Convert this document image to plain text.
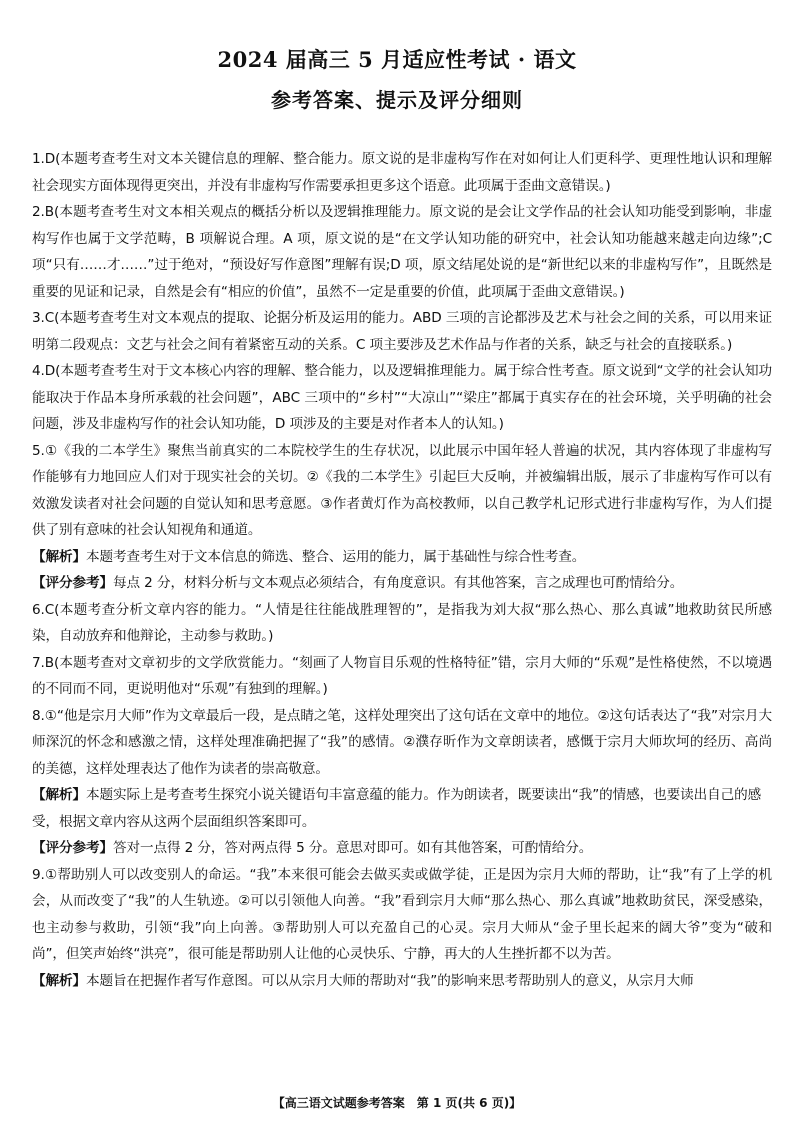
2024 届高三 5 月适应性考试 · 语文
参考答案、提示及评分细则

1.D(本题考查考生对文本关键信息的理解、整合能力。原文说的是非虚构写作在对如何让人们更科学、更理性地认识和理解社会现实方面体现得更突出，并没有非虚构写作需要承担更多这个语意。此项属于歪曲文意错误。)

2.B(本题考查考生对文本相关观点的概括分析以及逻辑推理能力。原文说的是会让文学作品的社会认知功能受到影响，非虚构写作也属于文学范畴，B 项解说合理。A 项，原文说的是“在文学认知功能的研究中，社会认知功能越来越走向边缘”;C 项“只有……才……”过于绝对，“预设好写作意图”理解有误;D 项，原文结尾处说的是“新世纪以来的非虚构写作”，且既然是重要的见证和记录，自然是会有“相应的价值”，虽然不一定是重要的价值，此项属于歪曲文意错误。)

3.C(本题考查考生对文本观点的提取、论据分析及运用的能力。ABD 三项的言论都涉及艺术与社会之间的关系，可以用来证明第二段观点：文艺与社会之间有着紧密互动的关系。C 项主要涉及艺术作品与作者的关系，缺乏与社会的直接联系。)

4.D(本题考查考生对于文本核心内容的理解、整合能力，以及逻辑推理能力。属于综合性考查。原文说到“文学的社会认知功能取决于作品本身所承载的社会问题”，ABC 三项中的“乡村”“大凉山”“梁庄”都属于真实存在的社会环境，关乎明确的社会问题，涉及非虚构写作的社会认知功能，D 项涉及的主要是对作者本人的认知。)

5.①《我的二本学生》聚焦当前真实的二本院校学生的生存状况，以此展示中国年轻人普遍的状况，其内容体现了非虚构写作能够有力地回应人们对于现实社会的关切。②《我的二本学生》引起巨大反响，并被编辑出版，展示了非虚构写作可以有效激发读者对社会问题的自觉认知和思考意愿。③作者黄灯作为高校教师，以自己教学札记形式进行非虚构写作，为人们提供了别有意味的社会认知视角和通道。

【解析】本题考查考生对于文本信息的筛选、整合、运用的能力，属于基础性与综合性考查。

【评分参考】每点 2 分，材料分析与文本观点必须结合，有角度意识。有其他答案，言之成理也可酌情给分。

6.C(本题考查分析文章内容的能力。“人情是往往能战胜理智的”，是指我为刘大叔“那么热心、那么真诚”地救助贫民所感染，自动放弃和他辩论，主动参与救助。)

7.B(本题考查对文章初步的文学欣赏能力。“刻画了人物盲目乐观的性格特征”错，宗月大师的“乐观”是性格使然，不以境遇的不同而不同，更说明他对“乐观”有独到的理解。)

8.①“他是宗月大师”作为文章最后一段，是点睛之笔，这样处理突出了这句话在文章中的地位。②这句话表达了“我”对宗月大师深沉的怀念和感激之情，这样处理准确把握了“我”的感情。②濮存昕作为文章朗读者，感慨于宗月大师坎坷的经历、高尚的美德，这样处理表达了他作为读者的崇高敬意。

【解析】本题实际上是考查考生探究小说关键语句丰富意蕴的能力。作为朗读者，既要读出“我”的情感，也要读出自己的感受，根据文章内容从这两个层面组织答案即可。

【评分参考】答对一点得 2 分，答对两点得 5 分。意思对即可。如有其他答案，可酌情给分。

9.①帮助别人可以改变别人的命运。“我”本来很可能会去做买卖或做学徒，正是因为宗月大师的帮助，让“我”有了上学的机会，从而改变了“我”的人生轨迹。②可以引领他人向善。“我”看到宗月大师“那么热心、那么真诚”地救助贫民，深受感染，也主动参与救助，引领“我”向上向善。③帮助别人可以充盈自己的心灵。宗月大师从“金子里长起来的阔大爷”变为“破和尚”，但笑声始终“洪亮”，很可能是帮助别人让他的心灵快乐、宁静，再大的人生挫折都不以为苦。

【解析】本题旨在把握作者写作意图。可以从宗月大师的帮助对“我”的影响来思考帮助别人的意义，从宗月大师

【高三语文试题参考答案　第 1 页(共 6 页)】
